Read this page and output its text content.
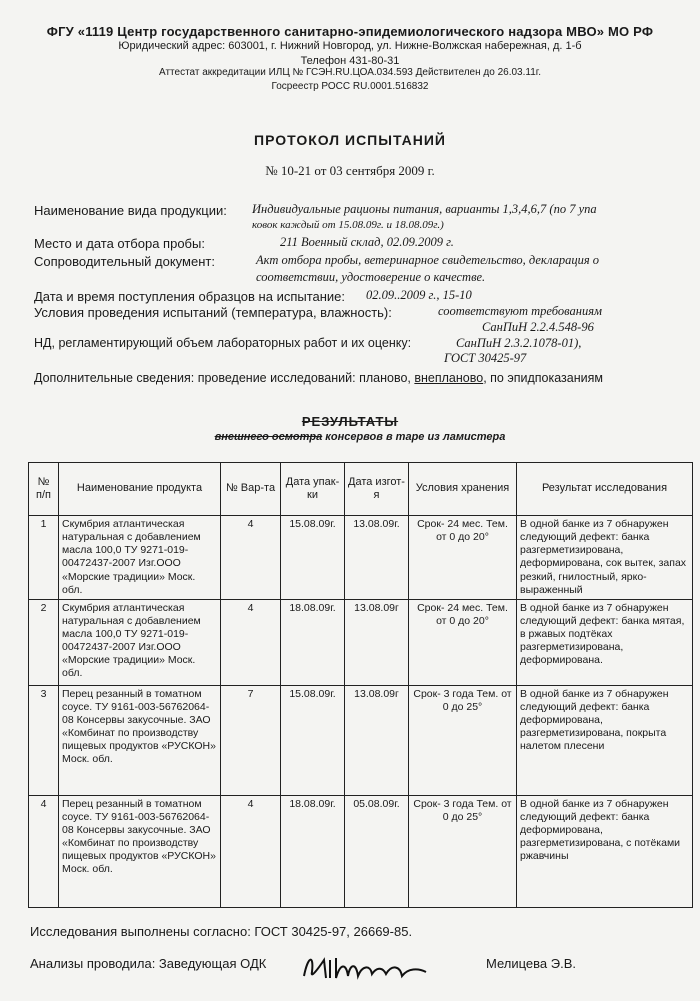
ФГУ «1119 Центр государственного санитарно-эпидемиологического надзора МВО» МО РФ
Юридический адрес: 603001, г. Нижний Новгород, ул. Нижне-Волжская набережная, д. 1-б
Телефон 431-80-31
Аттестат аккредитации ИЛЦ № ГСЭН.RU.ЦОА.034.593 Действителен до 26.03.11г.
Госреестр РОСС RU.0001.516832
ПРОТОКОЛ ИСПЫТАНИЙ
№ 10-21 от 03 сентября 2009 г.
Наименование вида продукции: Индивидуальные рационы питания, варианты 1,3,4,6,7 (по 7 упа
ковок каждый от 15.08.09г. и 18.08.09г.)
Место и дата отбора пробы:	211 Военный склад, 02.09.2009 г.
Сопроводительный документ:	Акт отбора пробы, ветеринарное свидетельство, декларация о
соответствии, удостоверение о качестве.
Дата и время поступления образцов на испытание: 02.09..2009 г., 15-10
Условия проведения испытаний (температура, влажность):	соответствуют требованиям
СанПиН 2.2.4.548-96
НД, регламентирующий объем лабораторных работ и их оценку:	СанПиН 2.3.2.1078-01),
ГОСТ 30425-97
Дополнительные сведения: проведение исследований: планово, внепланово, по эпидпоказаниям
РЕЗУЛЬТАТЫ
внешнего осмотра консервов в таре из ламистера
№ п/п	Наименование продукта	№ Вар-та	Дата упак-ки	Дата изгот-я	Условия хранения	Результат исследования
1	Скумбрия атлантическая натуральная с добавлением масла 100,0 ТУ 9271-019-00472437-2007 Изг.ООО «Морские традиции» Моск. обл.	4	15.08.09г.	13.08.09г.	Срок- 24 мес. Тем. от 0 до 20°	В одной банке из 7 обнаружен следующий дефект: банка разгерметизирована, деформирована, сок вытек, запах резкий, гнилостный, ярко-выраженный
2	Скумбрия атлантическая натуральная с добавлением масла 100,0 ТУ 9271-019-00472437-2007 Изг.ООО «Морские традиции» Моск. обл.	4	18.08.09г.	13.08.09г	Срок- 24 мес. Тем. от 0 до 20°	В одной банке из 7 обнаружен следующий дефект: банка мятая, в ржавых подтёках разгерметизирована, деформирована.
3	Перец резанный в томатном соусе. ТУ 9161-003-56762064-08 Консервы закусочные. ЗАО «Комбинат по производству пищевых продуктов «РУСКОН» Моск. обл.	7	15.08.09г.	13.08.09г	Срок- 3 года Тем. от 0 до 25°	В одной банке из 7 обнаружен следующий дефект: банка деформирована, разгерметизирована, покрыта налетом плесени
4	Перец резанный в томатном соусе. ТУ 9161-003-56762064-08 Консервы закусочные. ЗАО «Комбинат по производству пищевых продуктов «РУСКОН» Моск. обл.	4	18.08.09г.	05.08.09г.	Срок- 3 года Тем. от 0 до 25°	В одной банке из 7 обнаружен следующий дефект: банка деформирована, разгерметизирована, с потёками ржавчины
Исследования выполнены согласно: ГОСТ 30425-97, 26669-85.
Анализы проводила: Заведующая ОДК	Мелицева Э.В.
